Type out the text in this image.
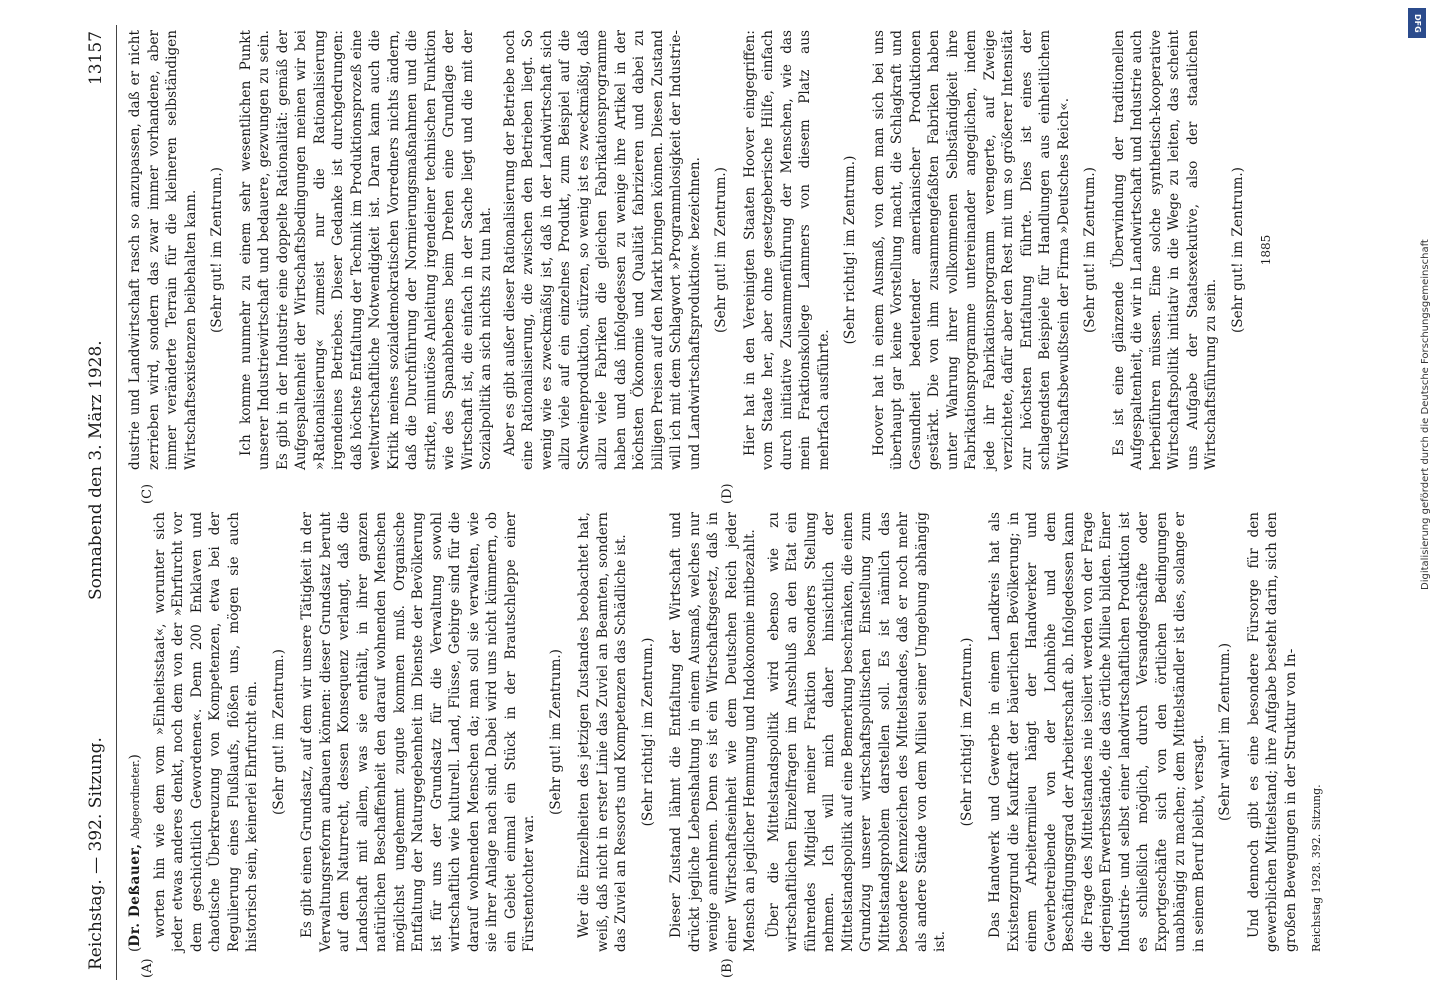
Reichstag. — 392. Sitzung.
Sonnabend den 3. März 1928.
13157
(A)	(B)
(C)	(D)

(Dr. Deßauer, Abgeordneter.) worten hin wie dem vom »Einheitsstaat«, worunter sich jeder etwas anderes denkt, noch dem von der »Ehrfurcht vor dem geschichtlich Gewordenen«. Denn 200 Enklaven und chaotische Überkreuzung von Kompetenzen, etwa bei der Regulierung eines Flußlaufs, flößen uns, mögen sie auch historisch sein, keinerlei Ehrfurcht ein. (Sehr gut! im Zentrum.) Es gibt einen Grundsatz, auf dem wir unsere Tätigkeit in der Verwaltungsreform aufbauen können: dieser Grundsatz beruht auf dem Naturrecht, dessen Konsequenz verlangt, daß die Landschaft mit allem, was sie enthält, in ihrer ganzen natürlichen Beschaffenheit den darauf wohnenden Menschen möglichst ungehemmt zugute kommen muß. Organische Entfaltung der Naturgegebenheit im Dienste der Bevölkerung ist für uns der Grundsatz für die Verwaltung sowohl wirtschaftlich wie kulturell. Land, Flüsse, Gebirge sind für die darauf wohnenden Menschen da; man soll sie verwalten, wie sie ihrer Anlage nach sind. Dabei wird uns nicht kümmern, ob ein Gebiet einmal ein Stück in der Brautschleppe einer Fürstentochter war.

(Sehr gut! im Zentrum.) Wer die Einzelheiten des jetzigen Zustandes beobachtet hat, weiß, daß nicht in erster Linie das Zuviel an Beamten, sondern das Zuviel an Ressorts und Kompetenzen das Schädliche ist. (Sehr richtig! im Zentrum.) Dieser Zustand lähmt die Entfaltung der Wirtschaft und drückt jegliche Lebenshaltung in einem Ausmaß, welches nur wenige annehmen. Denn es ist ein Wirtschaftsgesetz, daß in einer Wirtschaftseinheit wie dem Deutschen Reich jeder Mensch an jeglicher Hemmung und Indokonomie mitbezahlt. Über die Mittelstandspolitik wird ebenso wie zu wirtschaftlichen Einzelfragen im Anschluß an den Etat ein führendes Mitglied meiner Fraktion besonders Stellung nehmen. Ich will mich daher hinsichtlich der Mittelstandspolitik auf eine Bemerkung beschränken, die einen Grundzug unserer wirtschaftspolitischen Einstellung zum Mittelstandsproblem darstellen soll. Es ist nämlich das besondere Kennzeichen des Mittelstandes, daß er noch mehr als andere Stände von dem Milieu seiner Umgebung abhängig ist.

(Sehr richtig! im Zentrum.) Das Handwerk und Gewerbe in einem Landkreis hat als Existenzgrund die Kaufkraft der bäuerlichen Bevölkerung; in einem Arbeitermilieu hängt der Handwerker und Gewerbetreibende von der Lohnhöhe und dem Beschäftigungsgrad der Arbeiterschaft ab. Infolgedessen kann die Frage des Mittelstandes nie isoliert werden von der Frage derjenigen Erwerbsstände, die das örtliche Milieu bilden. Einer Industrie- und selbst einer landwirtschaftlichen Produktion ist es schließlich möglich, durch Versandgeschäfte oder Exportgeschäfte sich von den örtlichen Bedingungen unabhängig zu machen; dem Mittelständler ist dies, solange er in seinem Beruf bleibt, versagt.

(Sehr wahr! im Zentrum.) Und dennoch gibt es eine besondere Fürsorge für den gewerblichen Mittelstand; ihre Aufgabe besteht darin, sich den großen Bewegungen in der Struktur von In- Reichstag 1928. 392. Sitzung.

dustrie und Landwirtschaft rasch so anzupassen, daß er nicht zerrieben wird, sondern das zwar immer vorhandene, aber immer veränderte Terrain für die kleineren selbständigen Wirtschaftsexistenzen beibehalten kann. (Sehr gut! im Zentrum.) Ich komme nunmehr zu einem sehr wesentlichen Punkt unserer Industriewirtschaft und bedauere, gezwungen zu sein. Es gibt in der Industrie eine doppelte Rationalität: gemäß der Aufgespaltenheit der Wirtschaftsbedingungen meinen wir bei »Rationalisierung« zumeist nur die Rationalisierung irgendeines Betriebes. Dieser Gedanke ist durchgedrungen: daß höchste Entfaltung der Technik im Produktionsprozeß eine weltwirtschaftliche Notwendigkeit ist. Daran kann auch die Kritik meines sozialdemokratischen Vorredners nichts ändern, daß die Durchführung der Normierungsmaßnahmen und die strikte, minutiöse Anleitung irgendeiner technischen Funktion wie des Spanabhebens beim Drehen eine Grundlage der Wirtschaft ist, die einfach in der Sache liegt und die mit der Sozialpolitik an sich nichts zu tun hat. Aber es gibt außer dieser Rationalisierung der Betriebe noch eine Rationalisierung, die zwischen den Betrieben liegt. So wenig wie es zweckmäßig ist, daß in der Landwirtschaft sich allzu viele auf ein einzelnes Produkt, zum Beispiel auf die Schweineproduktion, stürzen, so wenig ist es zweckmäßig, daß allzu viele Fabriken die gleichen Fabrikationsprogramme haben und daß infolgedessen zu wenige ihre Artikel in der höchsten Ökonomie und Qualität fabrizieren und dabei zu billigen Preisen auf den Markt bringen können. Diesen Zustand will ich mit dem Schlagwort »Programmlosigkeit der Industrie- und Landwirtschaftsproduktion« bezeichnen. (Sehr gut! im Zentrum.) Hier hat in den Vereinigten Staaten Hoover eingegriffen: vom Staate her, aber ohne gesetzgeberische Hilfe, einfach durch initiative Zusammenführung der Menschen, wie das mein Fraktionskollege Lammers von diesem Platz aus mehrfach ausführte.

(Sehr richtig! im Zentrum.) Hoover hat in einem Ausmaß, von dem man sich bei uns überhaupt gar keine Vorstellung macht, die Schlagkraft und Gesundheit bedeutender amerikanischer Produktionen gestärkt. Die von ihm zusammengefaßten Fabriken haben unter Wahrung ihrer vollkommenen Selbständigkeit ihre Fabrikationsprogramme untereinander angeglichen, indem jede ihr Fabrikationsprogramm verengerte, auf Zweige verzichtete, dafür aber den Rest mit um so größerer Intensität zur höchsten Entfaltung führte. Dies ist eines der schlagendsten Beispiele für Handlungen aus einheitlichem Wirtschaftsbewußtsein der Firma »Deutsches Reich«. (Sehr gut! im Zentrum.) Es ist eine glänzende Überwindung der traditionellen Aufgespaltenheit, die wir in Landwirtschaft und Industrie auch herbeiführen müssen. Eine solche synthetisch-kooperative Wirtschaftspolitik initiativ in die Wege zu leiten, das scheint uns Aufgabe der Staatsexekutive, also der staatlichen Wirtschaftsführung zu sein.

(Sehr gut! im Zentrum.) 1885

DFG
Digitalisierung gefördert durch die Deutsche Forschungsgemeinschaft
